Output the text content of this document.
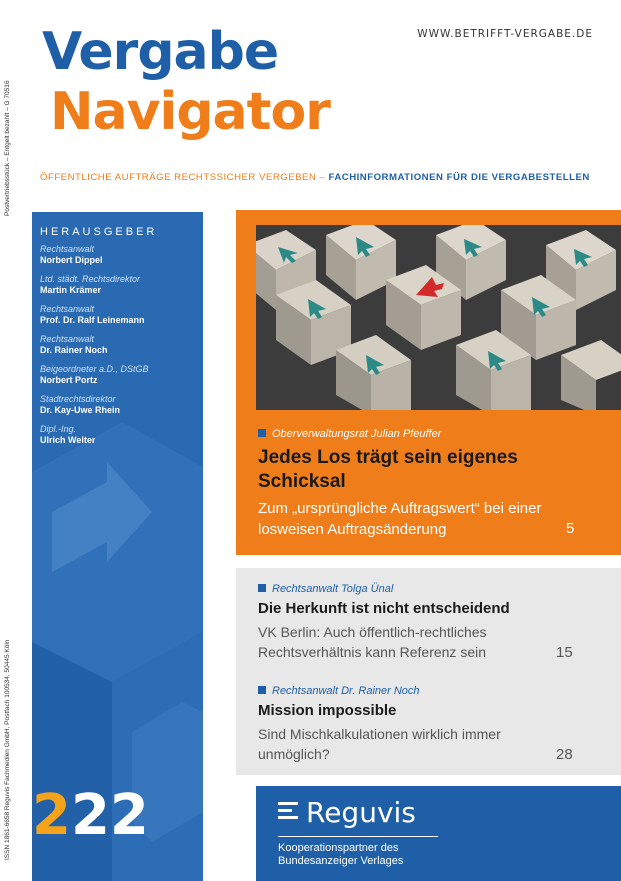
Postvertriebsstück – Entgelt bezahlt – G 70516
ISSN 1861-6658 Reguvis Fachmedien GmbH, Postfach 100534, 50445 Köln
WWW.BETRIFFT-VERGABE.DE
Vergabe
Navigator
ÖFFENTLICHE AUFTRÄGE RECHTSSICHER VERGEBEN – FACHINFORMATIONEN FÜR DIE VERGABESTELLEN
HERAUSGEBER
Rechtsanwalt
Norbert Dippel
Ltd. städt. Rechtsdirektor
Martin Krämer
Rechtsanwalt
Prof. Dr. Ralf Leinemann
Rechtsanwalt
Dr. Rainer Noch
Beigeordneter a.D., DStGB
Norbert Portz
Stadtrechtsdirektor
Dr. Kay-Uwe Rhein
Dipl.-Ing.
Ulrich Welter
222
Oberverwaltungsrat Julian Pfeuffer
Jedes Los trägt sein eigenes Schicksal
Zum „ursprüngliche Auftragswert“ bei einer losweisen Auftragsänderung	5
Rechtsanwalt Tolga Ünal
Die Herkunft ist nicht entscheidend
VK Berlin: Auch öffentlich-rechtliches Rechtsverhältnis kann Referenz sein	15
Rechtsanwalt Dr. Rainer Noch
Mission impossible
Sind Mischkalkulationen wirklich immer unmöglich?	28
Reguvis
Kooperationspartner des
Bundesanzeiger Verlages
